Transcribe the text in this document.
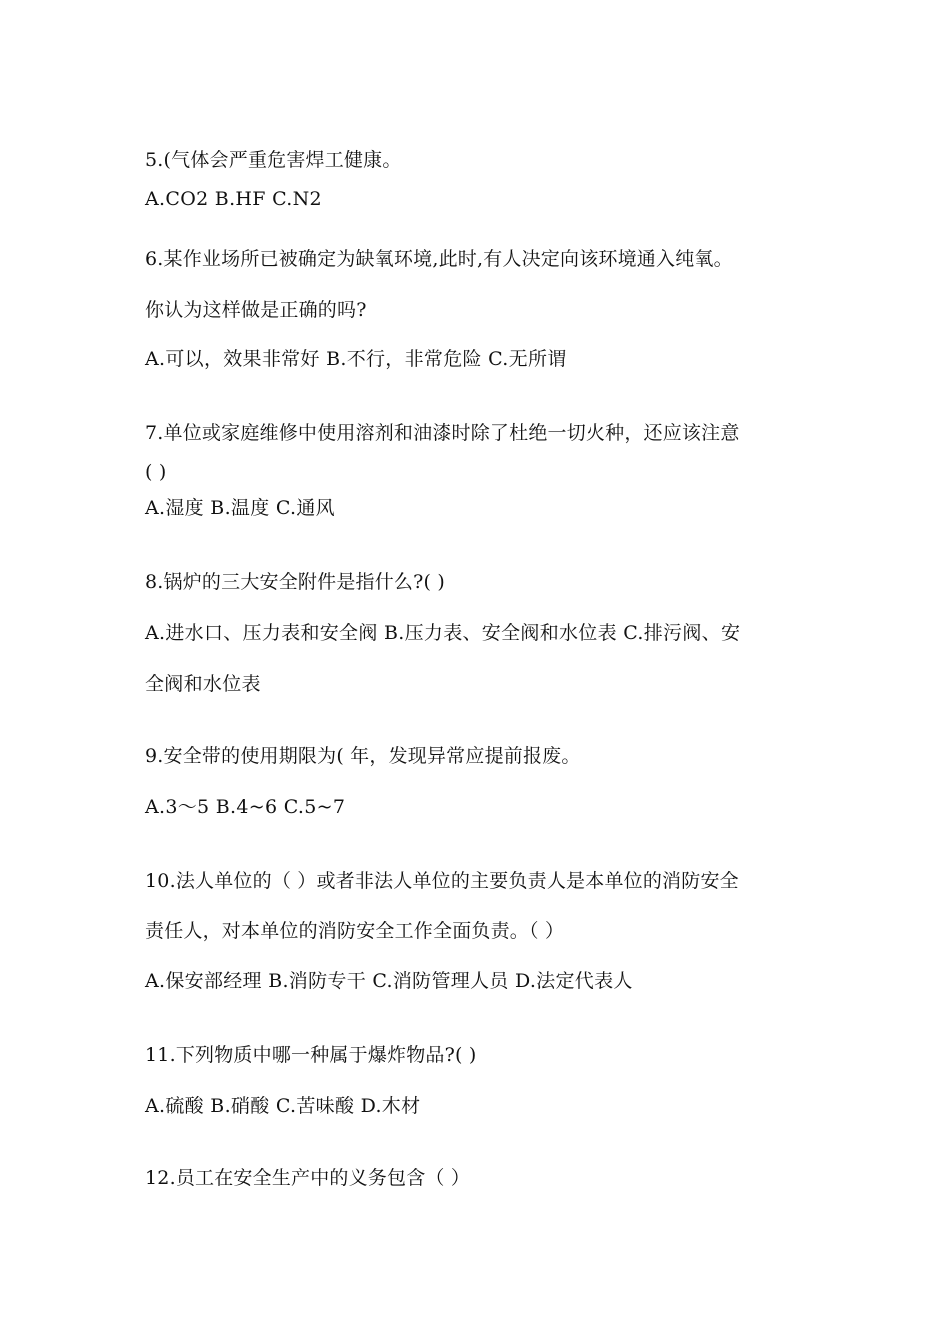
5.(气体会严重危害焊工健康。
A.CO2 B.HF C.N2
6.某作业场所已被确定为缺氧环境,此时,有人决定向该环境通入纯氧。
你认为这样做是正确的吗?
A.可以，效果非常好 B.不行，非常危险 C.无所谓
7.单位或家庭维修中使用溶剂和油漆时除了杜绝一切火种，还应该注意
( )
A.湿度 B.温度 C.通风
8.锅炉的三大安全附件是指什么?( )
A.进水口、压力表和安全阀 B.压力表、安全阀和水位表 C.排污阀、安
全阀和水位表
9.安全带的使用期限为( 年，发现异常应提前报废。
A.3～5 B.4~6 C.5~7
10.法人单位的（ ）或者非法人单位的主要负责人是本单位的消防安全
责任人，对本单位的消防安全工作全面负责。（ ）
A.保安部经理 B.消防专干 C.消防管理人员 D.法定代表人
11.下列物质中哪一种属于爆炸物品?( )
A.硫酸 B.硝酸 C.苦味酸 D.木材
12.员工在安全生产中的义务包含（ ）
